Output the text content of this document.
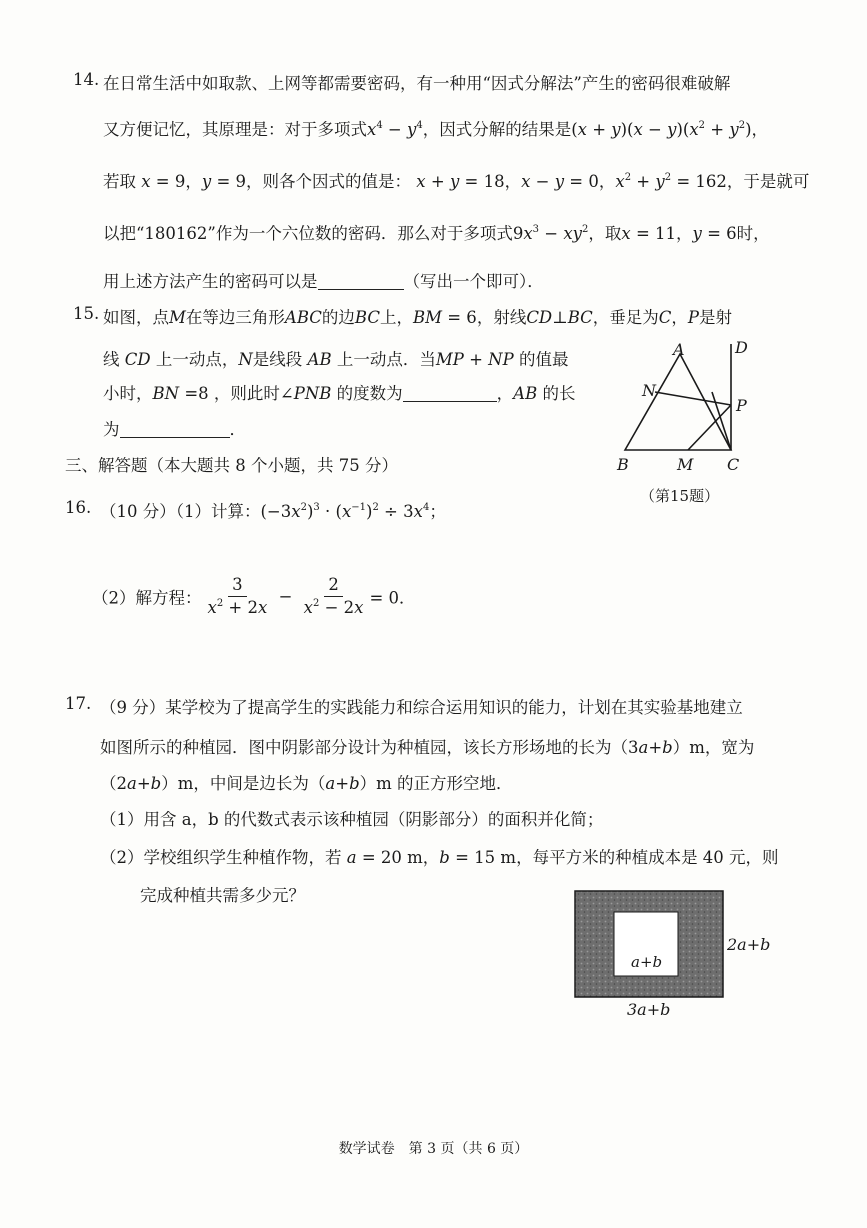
14. 在日常生活中如取款、上网等都需要密码，有一种用“因式分解法”产生的密码很难破解
又方便记忆，其原理是：对于多项式$x^4 - y^4$，因式分解的结果是$(x + y)(x - y)(x^2 + y^2)$，
若取 x = 9，y = 9，则各个因式的值是： x + y = 18，x − y = 0，$x^2 + y^2 = 162$，于是就可
以把“180162”作为一个六位数的密码．那么对于多项式$9x^3 - xy^2$，取x = 11，y = 6时，
用上述方法产生的密码可以是	（写出一个即可）．
15. 如图，点M在等边三角形ABC的边BC上，BM = 6，射线CD⊥BC，垂足为C，P是射
线 CD 上一动点，N是线段 AB 上一动点．当MP + NP 的值最
小时，BN =8 ，则此时∠PNB 的度数为	，AB 的长
为	．
A	D
N
P
B	M C
（第15题）
三、解答题（本大题共 8 个小题，共 75 分）
16. （10 分）（1）计算：$(-3x^2)^3 \cdot (x^{-1})^2 \div 3x^4$；
（2）解方程： $\frac{3}{x^2 + 2x} - \frac{2}{x^2 - 2x} = 0$．
17. （9 分）某学校为了提高学生的实践能力和综合运用知识的能力，计划在其实验基地建立
如图所示的种植园．图中阴影部分设计为种植园，该长方形场地的长为（3a+b）m，宽为
（2a+b）m，中间是边长为（a+b）m 的正方形空地．
（1）用含 a，b 的代数式表示该种植园（阴影部分）的面积并化简；
（2）学校组织学生种植作物，若 a = 20 m，b = 15 m，每平方米的种植成本是 40 元，则
完成种植共需多少元？
a+b
2a+b
3a+b
数学试卷　第 3 页（共 6 页）
